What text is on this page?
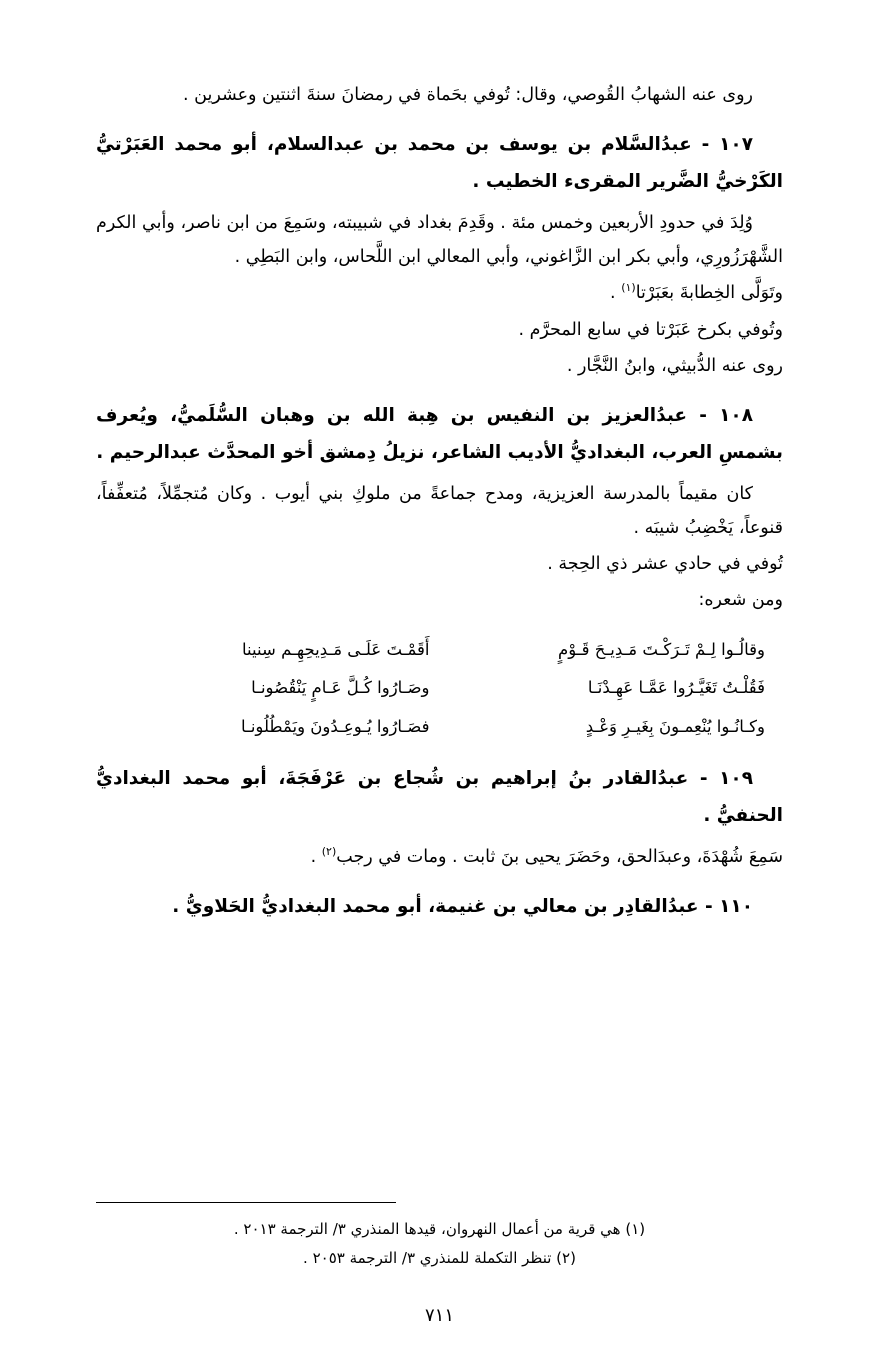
روى عنه الشهابُ القُوصي، وقال: تُوفي بحَماة في رمضانَ سنةَ اثنتين وعشرين .

١٠٧ - عبدُالسَّلام بن يوسف بن محمد بن عبدالسلام، أبو محمد العَبَرْتيُّ الكَرْخيُّ الضَّرير المقرىء الخطيب .

وُلِدَ في حدودِ الأربعين وخمس مئة . وقَدِمَ بغداد في شبيبته، وسَمِعَ من ابن ناصر، وأبي الكرم الشَّهْرَزُورِي، وأبي بكر ابن الزَّاغوني، وأبي المعالي ابن اللَّحاس، وابن البَطِي .

وتَوَلَّى الخِطابةَ بعَبَرْتا$^{(١)}$ .

وتُوفي بكرخ عَبَرْتا في سابع المحرَّم .

روى عنه الدُّبيثي، وابنُ النَّجَّار .

١٠٨ - عبدُالعزيز بن النفيس بن هِبة الله بن وهبان السُّلَميُّ، ويُعرف بشمسِ العرب، البغداديُّ الأديب الشاعر، نزيلُ دِمشق أخو المحدَّث عبدالرحيم .

كان مقيماً بالمدرسة العزيزية، ومدح جماعةً من ملوكِ بني أيوب . وكان مُتجمِّلاً، مُتعفِّفاً، قنوعاً، يَخْضِبُ شيبَه .

تُوفي في حادي عشر ذي الحِجة .

ومن شعره:

وقالُـوا لِـمْ تَـرَكْـتَ مَـدِيـحَ قَـوْمٍ	أَقَمْـتَ عَلَـى مَـدِيحِهِـم سِنينا
فَقُلْـتُ تَغَيَّـرُوا عَمَّـا عَهِـدْنَـا	وصَـارُوا كُـلَّ عَـامٍ يَنْقُصُونـا
وكـانُـوا يُنْعِمـونَ بِغَيـرِ وَعْـدٍ	فصَـارُوا يُـوعِـدُونَ ويَمْطُلُونـا

١٠٩ - عبدُالقادر بنُ إبراهيم بن شُجاع بن عَرْفَجَةَ، أبو محمد البغداديُّ الحنفيُّ .

سَمِعَ شُهْدَةَ، وعبدَالحق، وحَضَرَ يحيى بنَ ثابت . ومات في رجب$^{(٢)}$ .

١١٠ - عبدُالقادِر بن معالي بن غنيمة، أبو محمد البغداديُّ الحَلاويُّ .

(١) هي قرية من أعمال النهروان، قيدها المنذري ٣/ الترجمة ٢٠١٣ .

(٢) تنظر التكملة للمنذري ٣/ الترجمة ٢٠٥٣ .

٧١١
